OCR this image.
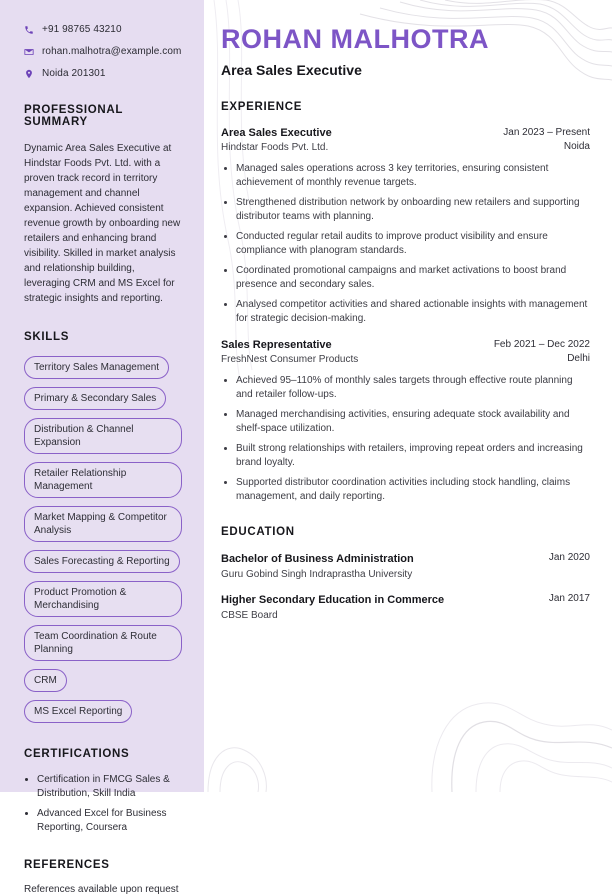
+91 98765 43210
rohan.malhotra@example.com
Noida 201301
PROFESSIONAL SUMMARY

Dynamic Area Sales Executive at Hindstar Foods Pvt. Ltd. with a proven track record in territory management and channel expansion. Achieved consistent revenue growth by onboarding new retailers and enhancing brand visibility. Skilled in market analysis and relationship building, leveraging CRM and MS Excel for strategic insights and reporting.

SKILLS
Territory Sales Management
Primary & Secondary Sales
Distribution & Channel Expansion
Retailer Relationship Management
Market Mapping & Competitor Analysis
Sales Forecasting & Reporting
Product Promotion & Merchandising
Team Coordination & Route Planning
CRM
MS Excel Reporting
CERTIFICATIONS
• Certification in FMCG Sales & Distribution, Skill India
• Advanced Excel for Business Reporting, Coursera
REFERENCES

References available upon request

ROHAN MALHOTRA
Area Sales Executive
EXPERIENCE
Area Sales Executive
Hindstar Foods Pvt. Ltd.
Jan 2023 – Present
Noida
• Managed sales operations across 3 key territories, ensuring consistent achievement of monthly revenue targets.
• Strengthened distribution network by onboarding new retailers and supporting distributor teams with planning.
• Conducted regular retail audits to improve product visibility and ensure compliance with planogram standards.
• Coordinated promotional campaigns and market activations to boost brand presence and secondary sales.
• Analysed competitor activities and shared actionable insights with management for strategic decision-making.
Sales Representative
FreshNest Consumer Products
Feb 2021 – Dec 2022
Delhi
• Achieved 95–110% of monthly sales targets through effective route planning and retailer follow-ups.
• Managed merchandising activities, ensuring adequate stock availability and shelf-space utilization.
• Built strong relationships with retailers, improving repeat orders and increasing brand loyalty.
• Supported distributor coordination activities including stock handling, claims management, and daily reporting.
EDUCATION
Bachelor of Business Administration
Guru Gobind Singh Indraprastha University
Jan 2020
Higher Secondary Education in Commerce
CBSE Board
Jan 2017
